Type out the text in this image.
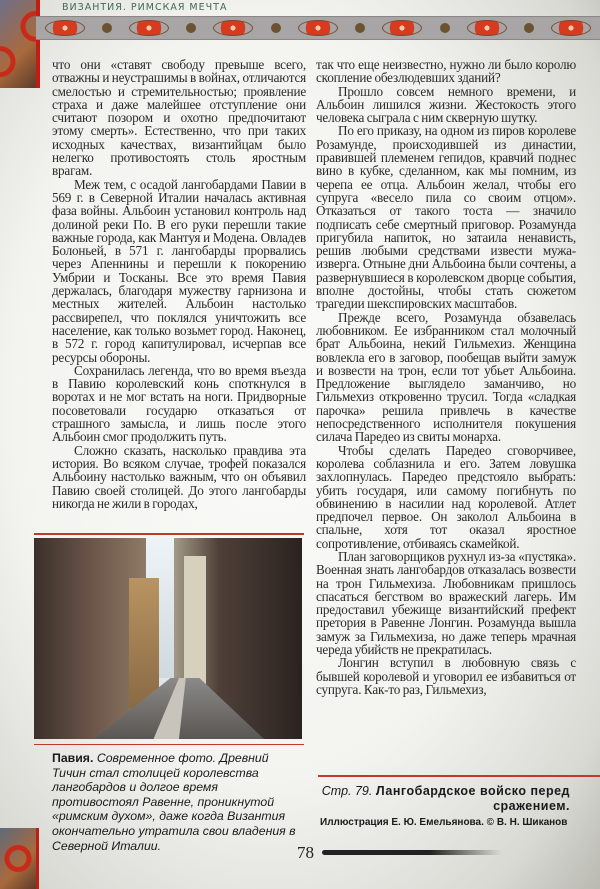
ВИЗАНТИЯ. РИМСКАЯ МЕЧТА

что они «ставят свободу превыше всего, отважны и неустрашимы в войнах, отличаются смелостью и стремительностью; проявление страха и даже малейшее отступление они считают позором и охотно предпочитают этому смерть». Естественно, что при таких исходных качествах, византийцам было нелегко противостоять столь яростным врагам.

Меж тем, с осадой лангобардами Павии в 569 г. в Северной Италии началась активная фаза войны. Альбоин установил контроль над долиной реки По. В его руки перешли такие важные города, как Мантуя и Модена. Овладев Болоньей, в 571 г. лангобарды прорвались через Апеннины и перешли к покорению Умбрии и Тосканы. Все это время Павия держалась, благодаря мужеству гарнизона и местных жителей. Альбоин настолько рассвирепел, что поклялся уничтожить все население, как только возьмет город. Наконец, в 572 г. город капитулировал, исчерпав все ресурсы обороны.

Сохранилась легенда, что во время въезда в Павию королевский конь споткнулся в воротах и не мог встать на ноги. Придворные посоветовали государю отказаться от страшного замысла, и лишь после этого Альбоин смог продолжить путь.

Сложно сказать, насколько правдива эта история. Во всяком случае, трофей показался Альбоину настолько важным, что он объявил Павию своей столицей. До этого лангобарды никогда не жили в городах,

Павия. Современное фото. Древний Тичин стал столицей королевства лангобардов и долгое время противостоял Равенне, проникнутой «римским духом», даже когда Византия окончательно утратила свои владения в Северной Италии.

так что еще неизвестно, нужно ли было королю скопление обезлюдевших зданий?

Прошло совсем немного времени, и Альбоин лишился жизни. Жестокость этого человека сыграла с ним скверную шутку.

По его приказу, на одном из пиров королеве Розамунде, происходившей из династии, правившей племенем гепидов, кравчий поднес вино в кубке, сделанном, как мы помним, из черепа ее отца. Альбоин желал, чтобы его супруга «весело пила со своим отцом». Отказаться от такого тоста — значило подписать себе смертный приговор. Розамунда пригубила напиток, но затаила ненависть, решив любыми средствами извести мужа-изверга. Отныне дни Альбоина были сочтены, а развернувшиеся в королевском дворце события, вполне достойны, чтобы стать сюжетом трагедии шекспировских масштабов.

Прежде всего, Розамунда обзавелась любовником. Ее избранником стал молочный брат Альбоина, некий Гильмехиз. Женщина вовлекла его в заговор, пообещав выйти замуж и возвести на трон, если тот убьет Альбоина. Предложение выглядело заманчиво, но Гильмехиз откровенно трусил. Тогда «сладкая парочка» решила привлечь в качестве непосредственного исполнителя покушения силача Паредео из свиты монарха.

Чтобы сделать Паредео сговорчивее, королева соблазнила и его. Затем ловушка захлопнулась. Паредео предстояло выбрать: убить государя, или самому погибнуть по обвинению в насилии над королевой. Атлет предпочел первое. Он заколол Альбоина в спальне, хотя тот оказал яростное сопротивление, отбиваясь скамейкой.

План заговорщиков рухнул из-за «пустяка». Военная знать лангобардов отказалась возвести на трон Гильмехиза. Любовникам пришлось спасаться бегством во вражеский лагерь. Им предоставил убежище византийский префект претория в Равенне Лонгин. Розамунда вышла замуж за Гильмехиза, но даже теперь мрачная череда убийств не прекратилась.

Лонгин вступил в любовную связь с бывшей королевой и уговорил ее избавиться от супруга. Как-то раз, Гильмехиз,

Стр. 79. Лангобардское войско перед сражением.
Иллюстрация Е. Ю. Емельянова. © В. Н. Шиканов
78
